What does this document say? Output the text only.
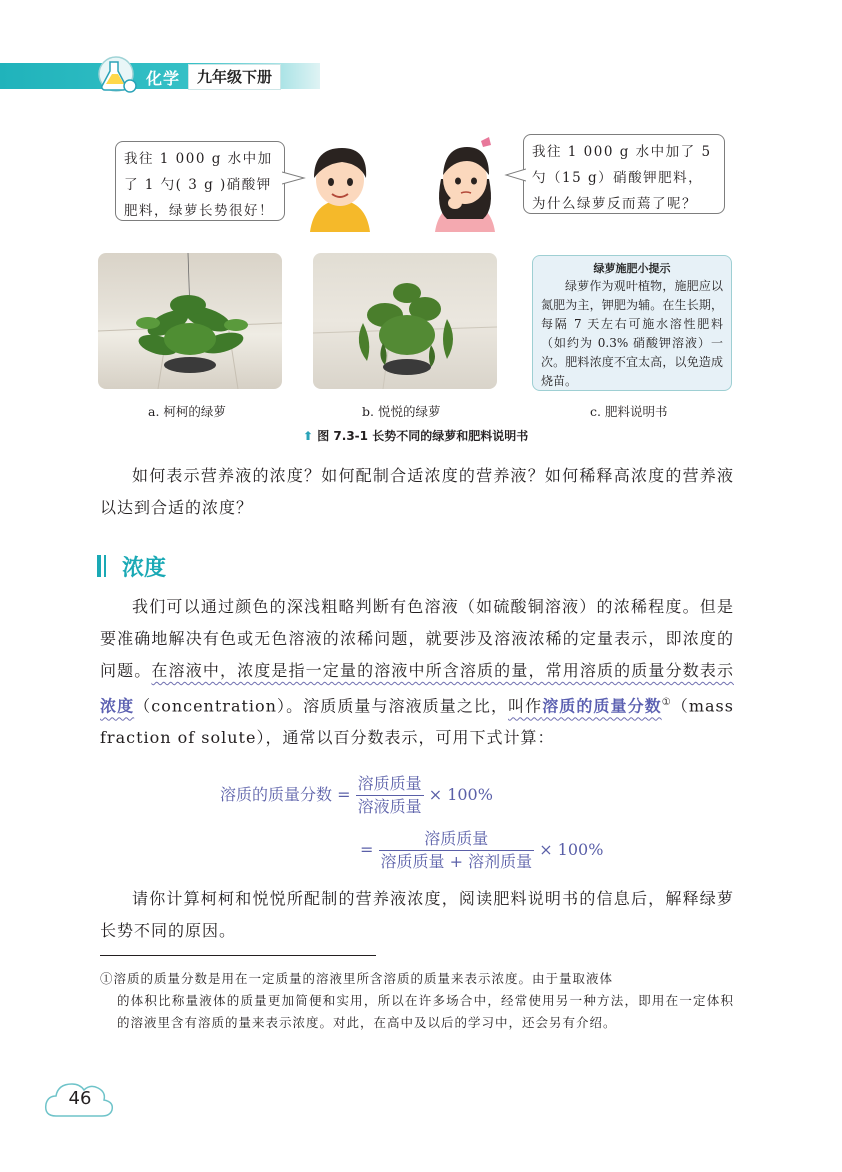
化学	九年级下册
我往 1 000 g 水中加了 1 勺( 3 g )硝酸钾肥料，绿萝长势很好！
我往 1 000 g 水中加了 5 勺（15 g）硝酸钾肥料，为什么绿萝反而蔫了呢？
绿萝施肥小提示
绿萝作为观叶植物，施肥应以氮肥为主，钾肥为辅。在生长期，每隔 7 天左右可施水溶性肥料（如约为 0.3% 硝酸钾溶液）一次。肥料浓度不宜太高，以免造成烧苗。
a. 柯柯的绿萝	b. 悦悦的绿萝	c. 肥料说明书
⬆ 图 7.3-1 长势不同的绿萝和肥料说明书
如何表示营养液的浓度？如何配制合适浓度的营养液？如何稀释高浓度的营养液以达到合适的浓度？
浓度
我们可以通过颜色的深浅粗略判断有色溶液（如硫酸铜溶液）的浓稀程度。但是要准确地解决有色或无色溶液的浓稀问题，就要涉及溶液浓稀的定量表示，即浓度的问题。在溶液中，浓度是指一定量的溶液中所含溶质的量，常用溶质的质量分数表示浓度（concentration）。溶质质量与溶液质量之比，叫作溶质的质量分数①（mass fraction of solute），通常以百分数表示，可用下式计算：
溶质的质量分数 = $\frac{\text{溶质质量}}{\text{溶液质量}} \times 100\%$
= $\frac{\text{溶质质量}}{\text{溶质质量 + 溶剂质量}} \times 100\%$
请你计算柯柯和悦悦所配制的营养液浓度，阅读肥料说明书的信息后，解释绿萝长势不同的原因。
①溶质的质量分数是用在一定质量的溶液里所含溶质的质量来表示浓度。由于量取液体
的体积比称量液体的质量更加简便和实用，所以在许多场合中，经常使用另一种方法，即用在一定体积的溶液里含有溶质的量来表示浓度。对此，在高中及以后的学习中，还会另有介绍。
46
